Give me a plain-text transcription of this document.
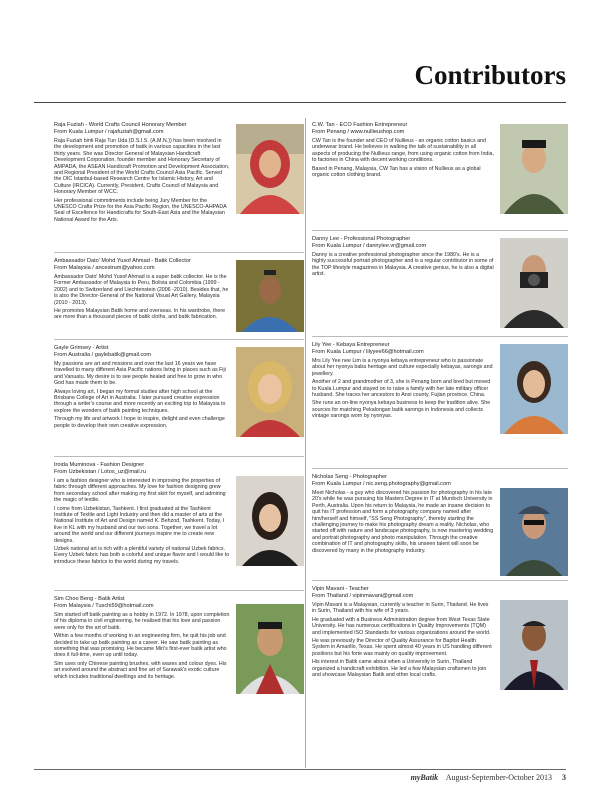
Contributors
Raja Fuziah - World Crafts Council Honorary Member
From Kuala Lumpur / rajafuziah@gmail.com

Raja Fuziah binti Raja Tun Uda (D.S.I.S. (A.M.N.)) has been involved in the development and promotion of batik in various capacities in the last thirty years. She was Director General of Malaysian Handicraft Development Corporation, founder member and Honorary Secretary of AMPADA, the ASEAN Handicraft Promotion and Development Association, and Regional President of the World Crafts Council Asia Pacific. Served the OIC Istanbul-based Research Centre for Islamic History, Art and Culture (IRCICA). Currently, President, Crafts Council of Malaysia and Honorary Member of WCC.

Her professional commitments include being Jury Member for the UNESCO Crafts Prize for the Asia Pacific Region, the UNESCO-AHPADA Seal of Excellence for Handicrafts for South-East Asia and the Malaysian National Award for the Arts.

Ambassador Dato' Mohd Yusof Ahmad - Batik Collector
From Malaysia / ancestrum@yahoo.com

Ambassador Dato' Mohd Yusof Ahmad is a super batik collector. He is the Former Ambassador of Malaysia to Peru, Bolivia and Colombia (1999 - 2002) and to Switzerland and Liechtenstein (2006 -2010). Besides that, he is also the Director-General of the National Visual Art Gallery, Malaysia (2010 - 2013).

He promotes Malaysian Batik home and overseas. In his wardrobe, there are more than a thousand pieces of batik cloths, and batik fabrication.

Gayle Grimsey - Artist
From Australia / gaylebatik@gmail.com

My passions are art and missions and over the last 16 years we have travelled to many different Asia Pacific nations living in places such as Fiji and Vanuatu. My desire is to see people healed and free to grow in who God has made them to be.

Always loving art, I began my formal studies after high school at the Brisbane College of Art in Australia. I later pursued creative expression through a writer's course and more recently an exciting trip to Malaysia to explore the wonders of batik painting techniques.

Through my life and artwork I hope to inspire, delight and even challenge people to develop their own creative expression.

Iroida Muminova - Fashion Designer
From Uzbekistan / Lotos_uz@mail.ru

I am a fashion designer who is interested in improving the properties of fabric through different approaches. My love for fashion designing grew from secondary school after making my first skirt for myself, and admiring the magic of textile.

I come from Uzbekistan, Tashkent. I first graduated at the Tashkent Institute of Textile and Light Industry and then did a master of arts at the National Institute of Art and Design named K. Behzod, Tashkent. Today, I live in KL with my husband and our two sons. Together, we travel a lot around the world and our different journeys inspire me to create new designs.

Uzbek national art is rich with a plentiful variety of national Uzbek fabrics. Every Uzbek fabric has both a colorful and unique flavor and I would like to introduce these fabrics to the world during my travels.

Sim Choo Beng - Batik Artist
From Malaysia / Tuschi59@hotmail.com

Sim started off batik painting as a hobby in 1972. In 1978, upon completion of his diploma in civil engineering, he realised that his love and passion were only for the art of batik.

Within a few months of working in an engineering firm, he quit his job and decided to take up batik painting as a career. He saw batik painting as something that was promising. He became Miri's first-ever batik artist who does it full-time, even up until today.

Sim uses only Chinese painting brushes, with waxes and colour dyes. His art evolved around the abstract and fine art of Sarawak's exotic culture which includes traditional dwellings and its heritage.

C.W. Tan - ECO Fashion Entrepreneur
From Penang / www.nullieushop.com

CW Tan is the founder and CEO of Nullieus - an organic cotton basics and underwear brand. He believes in walking the talk of sustainability in all aspects of producing the Nullieus range, from using organic cotton from India, to factories in China with decent working conditions.

Based in Penang, Malaysia, CW Tan has a vision of Nullieus as a global organic cotton clothing brand.

Danny Lee - Professional Photographer
From Kuala Lumpur / dannylee.vr@gmail.com

Danny is a creative professional photographer since the 1980's. He is a highly successful portrait photographer and is a regular contributor in some of the TOP lifestyle magazines in Malaysia. A creative genius, he is also a digital artist.

Lily Yee - Kebaya Entrepreneur
From Kuala Lumpur / lilyyee66@hotmail.com

Mrs Lily Yee nee Lim is a nyonya kebaya entrepreneur who is passionate about her nyonya baba heritage and culture especially kebayas, sarongs and jewellery.

Another of 2 and grandmother of 3, she is Penang born and bred but moved to Kuala Lumpur and stayed on to raise a family with her late military officer husband. She traces her ancestors to Anxi county, Fujian province, China.

She runs an on-line nyonya kebaya business to keep the tradition alive. She sources for matching Pekalongan batik sarongs in Indonesia and collects vintage sarongs worn by nyonyas.

Nicholas Seng - Photographer
From Kuala Lumpur / nic.seng.photography@gmail.com

Meet Nicholas - a guy who discovered his passion for photography in his late 20's while he was pursuing his Masters Degree in IT at Murdoch University in Perth, Australia. Upon his return to Malaysia, he made an insane decision to quit his IT profession and form a photography company named after him/herself and himself, "SS Seng Photography", thereby starting the challenging journey to make his photography dream a reality. Nicholas, who started off with nature and landscape photography, is now mastering wedding and portrait photography and photo manipulation. Through the creative combination of IT and photography skills, his unseen talent will soon be discovered by many in the photography industry.

Vipin Mavani - Teacher
From Thailand / vipinmavani@gmail.com

Vipin Mavani is a Malaysian, currently a teacher in Surin, Thailand. He lives in Surin, Thailand with his wife of 3 years.

He graduated with a Business Administration degree from West Texas State University. He has numerous certifications in Quality Improvements (TQM) and implemented ISO Standards for various organizations around the world.

He was previously the Director of Quality Assurance for Baptist Health System in Amarillo, Texas. He spent almost 40 years in US handling different positions but his forte was mainly on quality improvement.

His interest in Batik came about when a University in Surin, Thailand organized a handicraft exhibition. He led a few Malaysian craftsmen to join and showcase Malaysian Batik and other local crafts.

myBatik August-September-October 2013 3
